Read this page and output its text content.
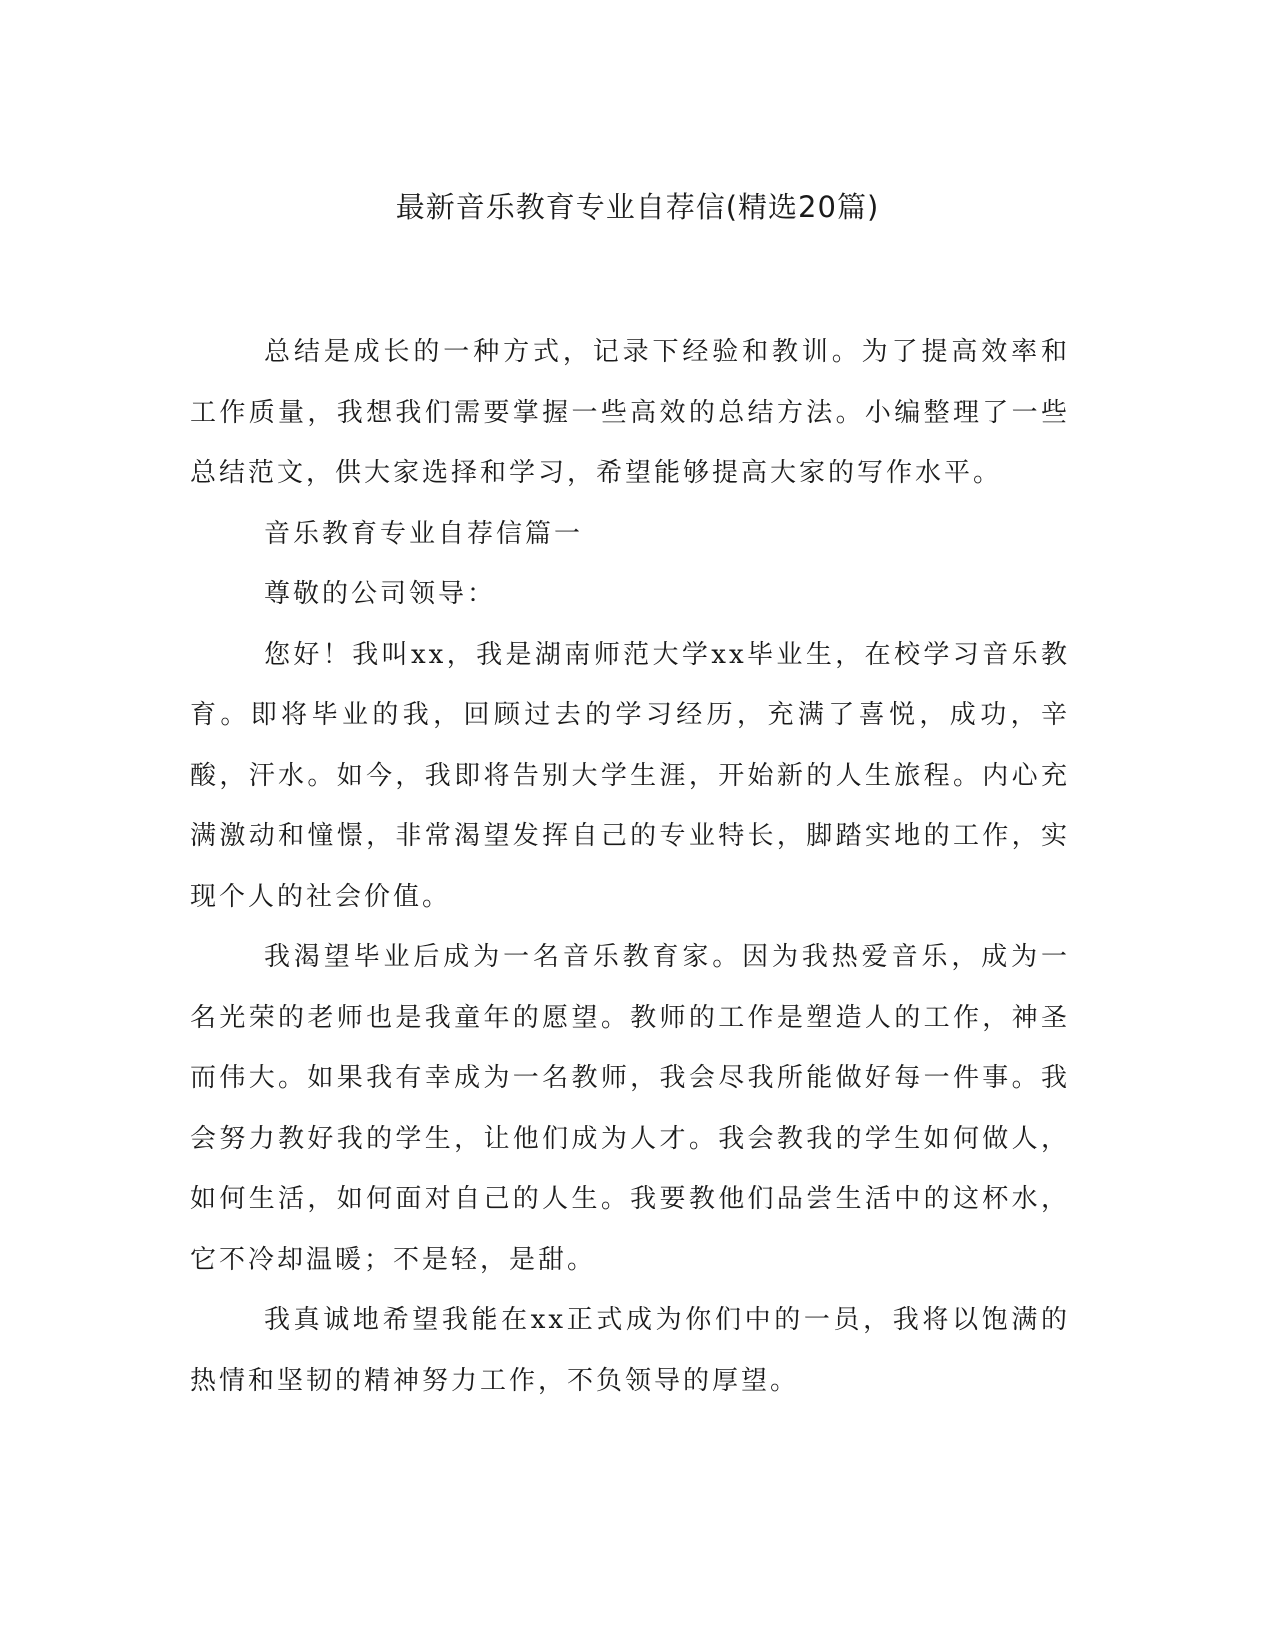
最新音乐教育专业自荐信(精选20篇)

总结是成长的一种方式，记录下经验和教训。为了提高效率和工作质量，我想我们需要掌握一些高效的总结方法。小编整理了一些总结范文，供大家选择和学习，希望能够提高大家的写作水平。

音乐教育专业自荐信篇一

尊敬的公司领导：

您好！我叫xx，我是湖南师范大学xx毕业生，在校学习音乐教育。即将毕业的我，回顾过去的学习经历，充满了喜悦，成功，辛酸，汗水。如今，我即将告别大学生涯，开始新的人生旅程。内心充满激动和憧憬，非常渴望发挥自己的专业特长，脚踏实地的工作，实现个人的社会价值。

我渴望毕业后成为一名音乐教育家。因为我热爱音乐，成为一名光荣的老师也是我童年的愿望。教师的工作是塑造人的工作，神圣而伟大。如果我有幸成为一名教师，我会尽我所能做好每一件事。我会努力教好我的学生，让他们成为人才。我会教我的学生如何做人，如何生活，如何面对自己的人生。我要教他们品尝生活中的这杯水，它不冷却温暖；不是轻，是甜。

我真诚地希望我能在xx正式成为你们中的一员，我将以饱满的热情和坚韧的精神努力工作，不负领导的厚望。
